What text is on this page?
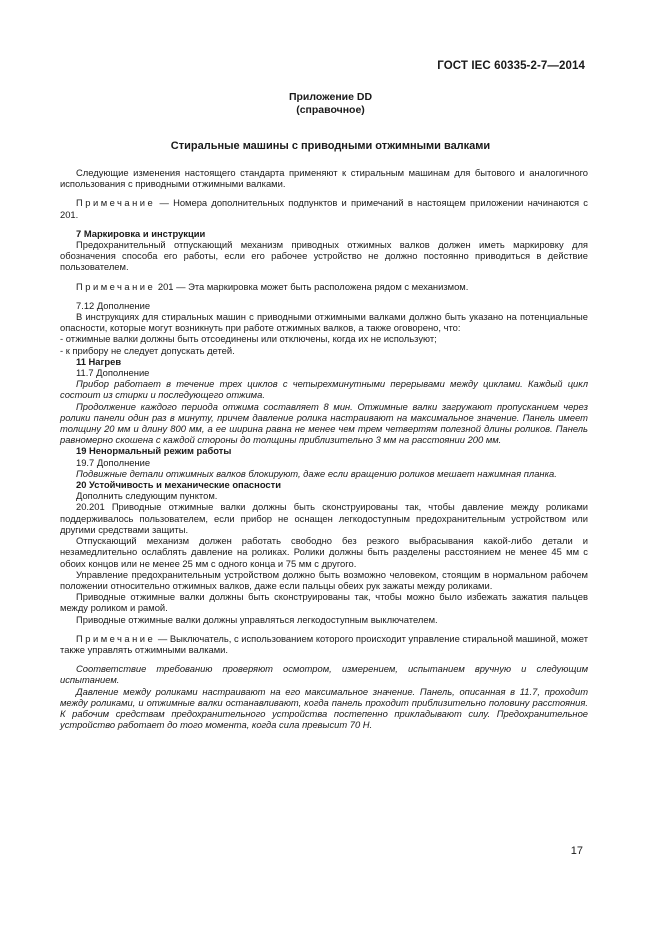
ГОСТ IEC 60335-2-7—2014
Приложение DD
(справочное)
Стиральные машины с приводными отжимными валками

Следующие изменения настоящего стандарта применяют к стиральным машинам для бытового и аналогичного использования с приводными отжимными валками.

Примечание — Номера дополнительных подпунктов и примечаний в настоящем приложении начинаются с 201.

7 Маркировка и инструкции

Предохранительный отпускающий механизм приводных отжимных валков должен иметь маркировку для обозначения способа его работы, если его рабочее устройство не должно постоянно приводиться в действие пользователем.

Примечание 201 — Эта маркировка может быть расположена рядом с механизмом.

7.12 Дополнение

В инструкциях для стиральных машин с приводными отжимными валками должно быть указано на потенциальные опасности, которые могут возникнуть при работе отжимных валков, а также оговорено, что:

- отжимные валки должны быть отсоединены или отключены, когда их не используют;

- к прибору не следует допускать детей.

11 Нагрев

11.7 Дополнение

Прибор работает в течение трех циклов с четырехминутными перерывами между циклами. Каждый цикл состоит из стирки и последующего отжима.

Продолжение каждого периода отжима составляет 8 мин. Отжимные валки загружают пропусканием через ролики панели один раз в минуту, причем давление ролика настраивают на максимальное значение. Панель имеет толщину 20 мм и длину 800 мм, а ее ширина равна не менее чем трем четвертям полезной длины роликов. Панель равномерно скошена с каждой стороны до толщины приблизительно 3 мм на расстоянии 200 мм.

19 Ненормальный режим работы

19.7 Дополнение

Подвижные детали отжимных валков блокируют, даже если вращению роликов мешает нажимная планка.

20 Устойчивость и механические опасности

Дополнить следующим пунктом.

20.201 Приводные отжимные валки должны быть сконструированы так, чтобы давление между роликами поддерживалось пользователем, если прибор не оснащен легкодоступным предохранительным устройством или другими средствами защиты.

Отпускающий механизм должен работать свободно без резкого выбрасывания какой-либо детали и незамедлительно ослаблять давление на роликах. Ролики должны быть разделены расстоянием не менее 45 мм с обоих концов или не менее 25 мм с одного конца и 75 мм с другого.

Управление предохранительным устройством должно быть возможно человеком, стоящим в нормальном рабочем положении относительно отжимных валков, даже если пальцы обеих рук зажаты между роликами.

Приводные отжимные валки должны быть сконструированы так, чтобы можно было избежать зажатия пальцев между роликом и рамой.

Приводные отжимные валки должны управляться легкодоступным выключателем.

Примечание — Выключатель, с использованием которого происходит управление стиральной машиной, может также управлять отжимными валками.

Соответствие требованию проверяют осмотром, измерением, испытанием вручную и следующим испытанием.

Давление между роликами настраивают на его максимальное значение. Панель, описанная в 11.7, проходит между роликами, и отжимные валки останавливают, когда панель проходит приблизительно половину расстояния. К рабочим средствам предохранительного устройства постепенно прикладывают силу. Предохранительное устройство работает до того момента, когда сила превысит 70 Н.

17
